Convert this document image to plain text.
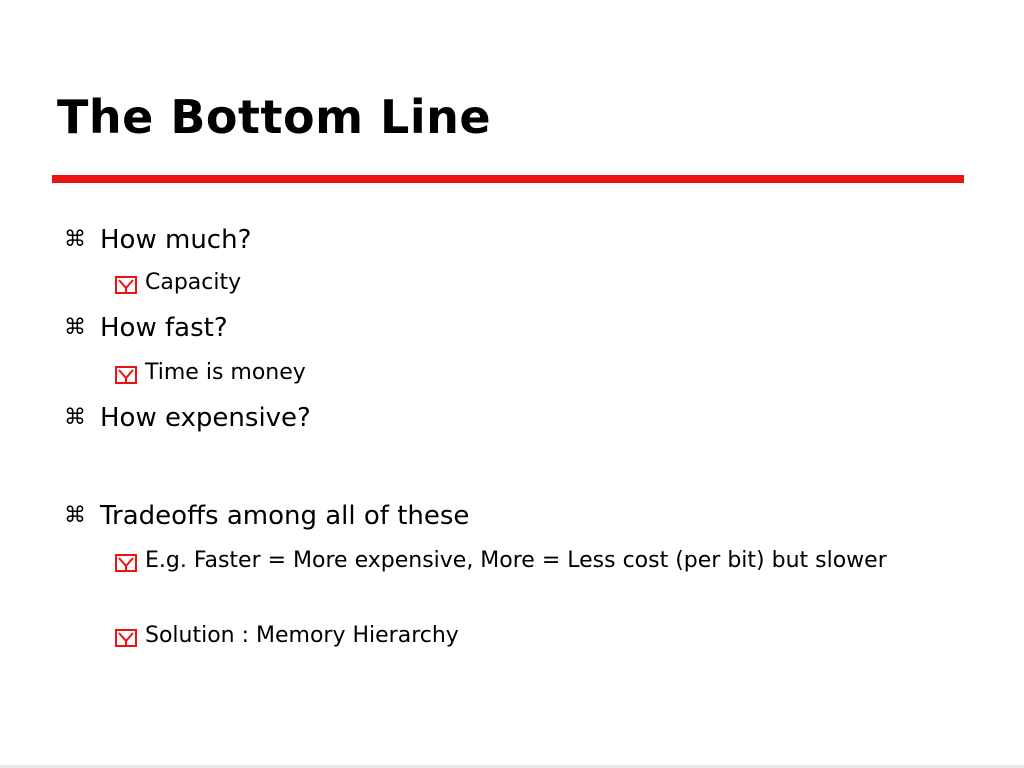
The Bottom Line
⌘ How much?
Capacity
⌘ How fast?
Time is money
⌘ How expensive?
⌘ Tradeoffs among all of these
E.g. Faster = More expensive, More = Less cost (per bit) but slower
Solution : Memory Hierarchy
